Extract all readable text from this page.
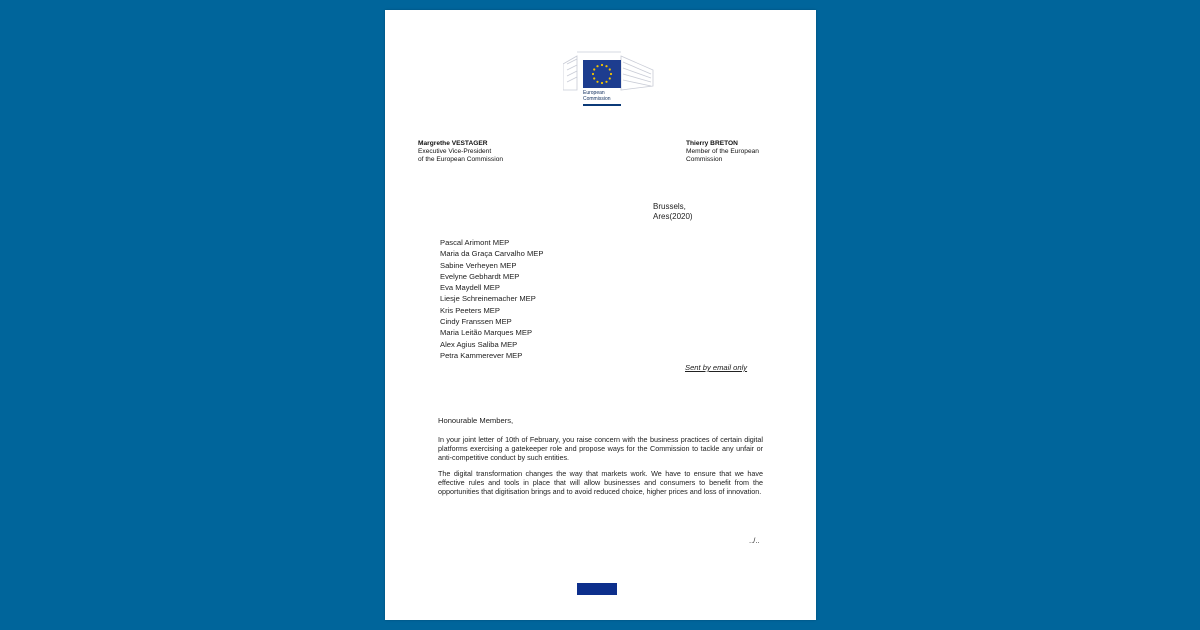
European
Commission
Margrethe VESTAGER
Executive Vice-President
of the European Commission
Thierry BRETON
Member of the European
Commission
Brussels,
Ares(2020)
Pascal Arimont MEP
Maria da Graça Carvalho MEP
Sabine Verheyen MEP
Evelyne Gebhardt MEP
Eva Maydell MEP
Liesje Schreinemacher MEP
Kris Peeters MEP
Cindy Franssen MEP
Maria Leitão Marques MEP
Alex Agius Saliba MEP
Petra Kammerever MEP
Sent by email only
Honourable Members,

In your joint letter of 10th of February, you raise concern with the business practices of certain digital platforms exercising a gatekeeper role and propose ways for the Commission to tackle any unfair or anti-competitive conduct by such entities.

The digital transformation changes the way that markets work. We have to ensure that we have effective rules and tools in place that will allow businesses and consumers to benefit from the opportunities that digitisation brings and to avoid reduced choice, higher prices and loss of innovation.

../..
